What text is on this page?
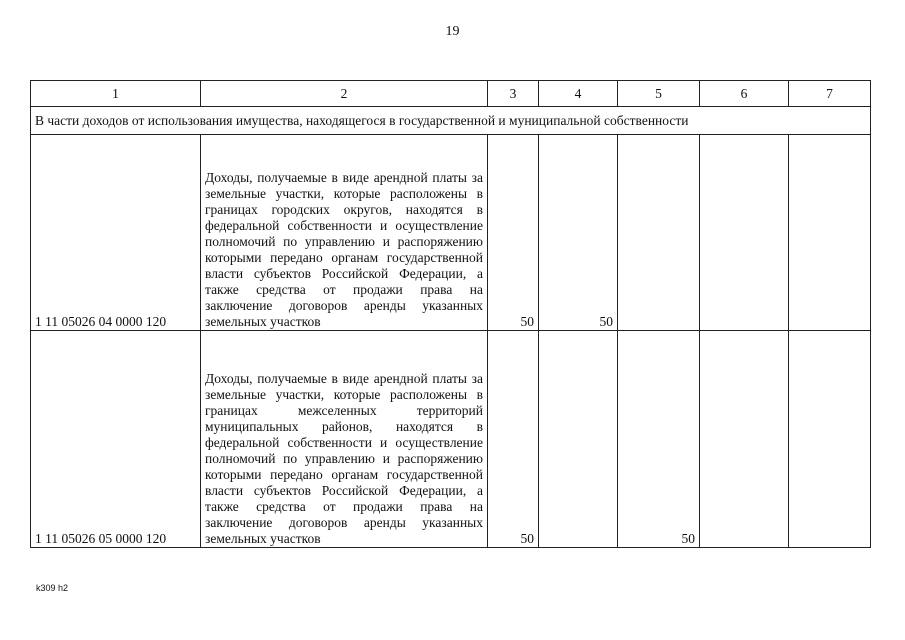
19
1	2	3	4	5	6	7
В части доходов от использования имущества, находящегося в государственной и муниципальной собственности						
1 11 05026 04 0000 120	Доходы, получаемые в виде арендной платы за земельные участки, которые расположены в границах городских округов, находятся в федеральной собственности и осуществление полномочий по управлению и распоряжению которыми передано органам государственной власти субъектов Российской Федерации, а также средства от продажи права на заключение договоров аренды указанных земельных участков	50	50			
1 11 05026 05 0000 120	Доходы, получаемые в виде арендной платы за земельные участки, которые расположены в границах межселенных территорий муниципальных районов, находятся в федеральной собственности и осуществление полномочий по управлению и распоряжению которыми передано органам государственной власти субъектов Российской Федерации, а также средства от продажи права на заключение договоров аренды указанных земельных участков	50		50		
k309 h2
